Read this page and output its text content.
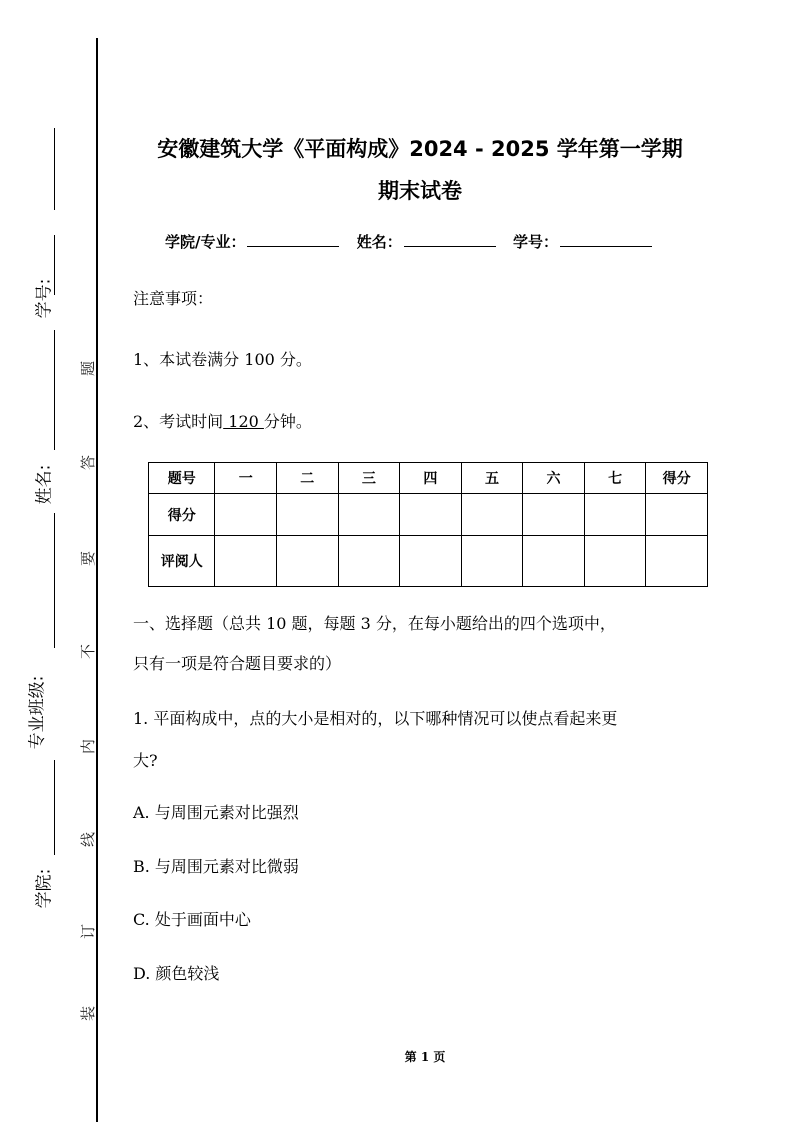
学号:
姓名:
专业班级:
学院:
题
答
要
不
内
线
订
装
安徽建筑大学《平面构成》2024 - 2025 学年第一学期
期末试卷
学院/专业：	姓名：	学号：
注意事项：
1、本试卷满分 100 分。
2、考试时间 120 分钟。
题号	一	二	三	四	五	六	七	得分
得分								
评阅人								
一、选择题（总共 10 题，每题 3 分，在每小题给出的四个选项中，
只有一项是符合题目要求的）
1. 平面构成中，点的大小是相对的，以下哪种情况可以使点看起来更
大?
A. 与周围元素对比强烈
B. 与周围元素对比微弱
C. 处于画面中心
D. 颜色较浅
第 1 页
